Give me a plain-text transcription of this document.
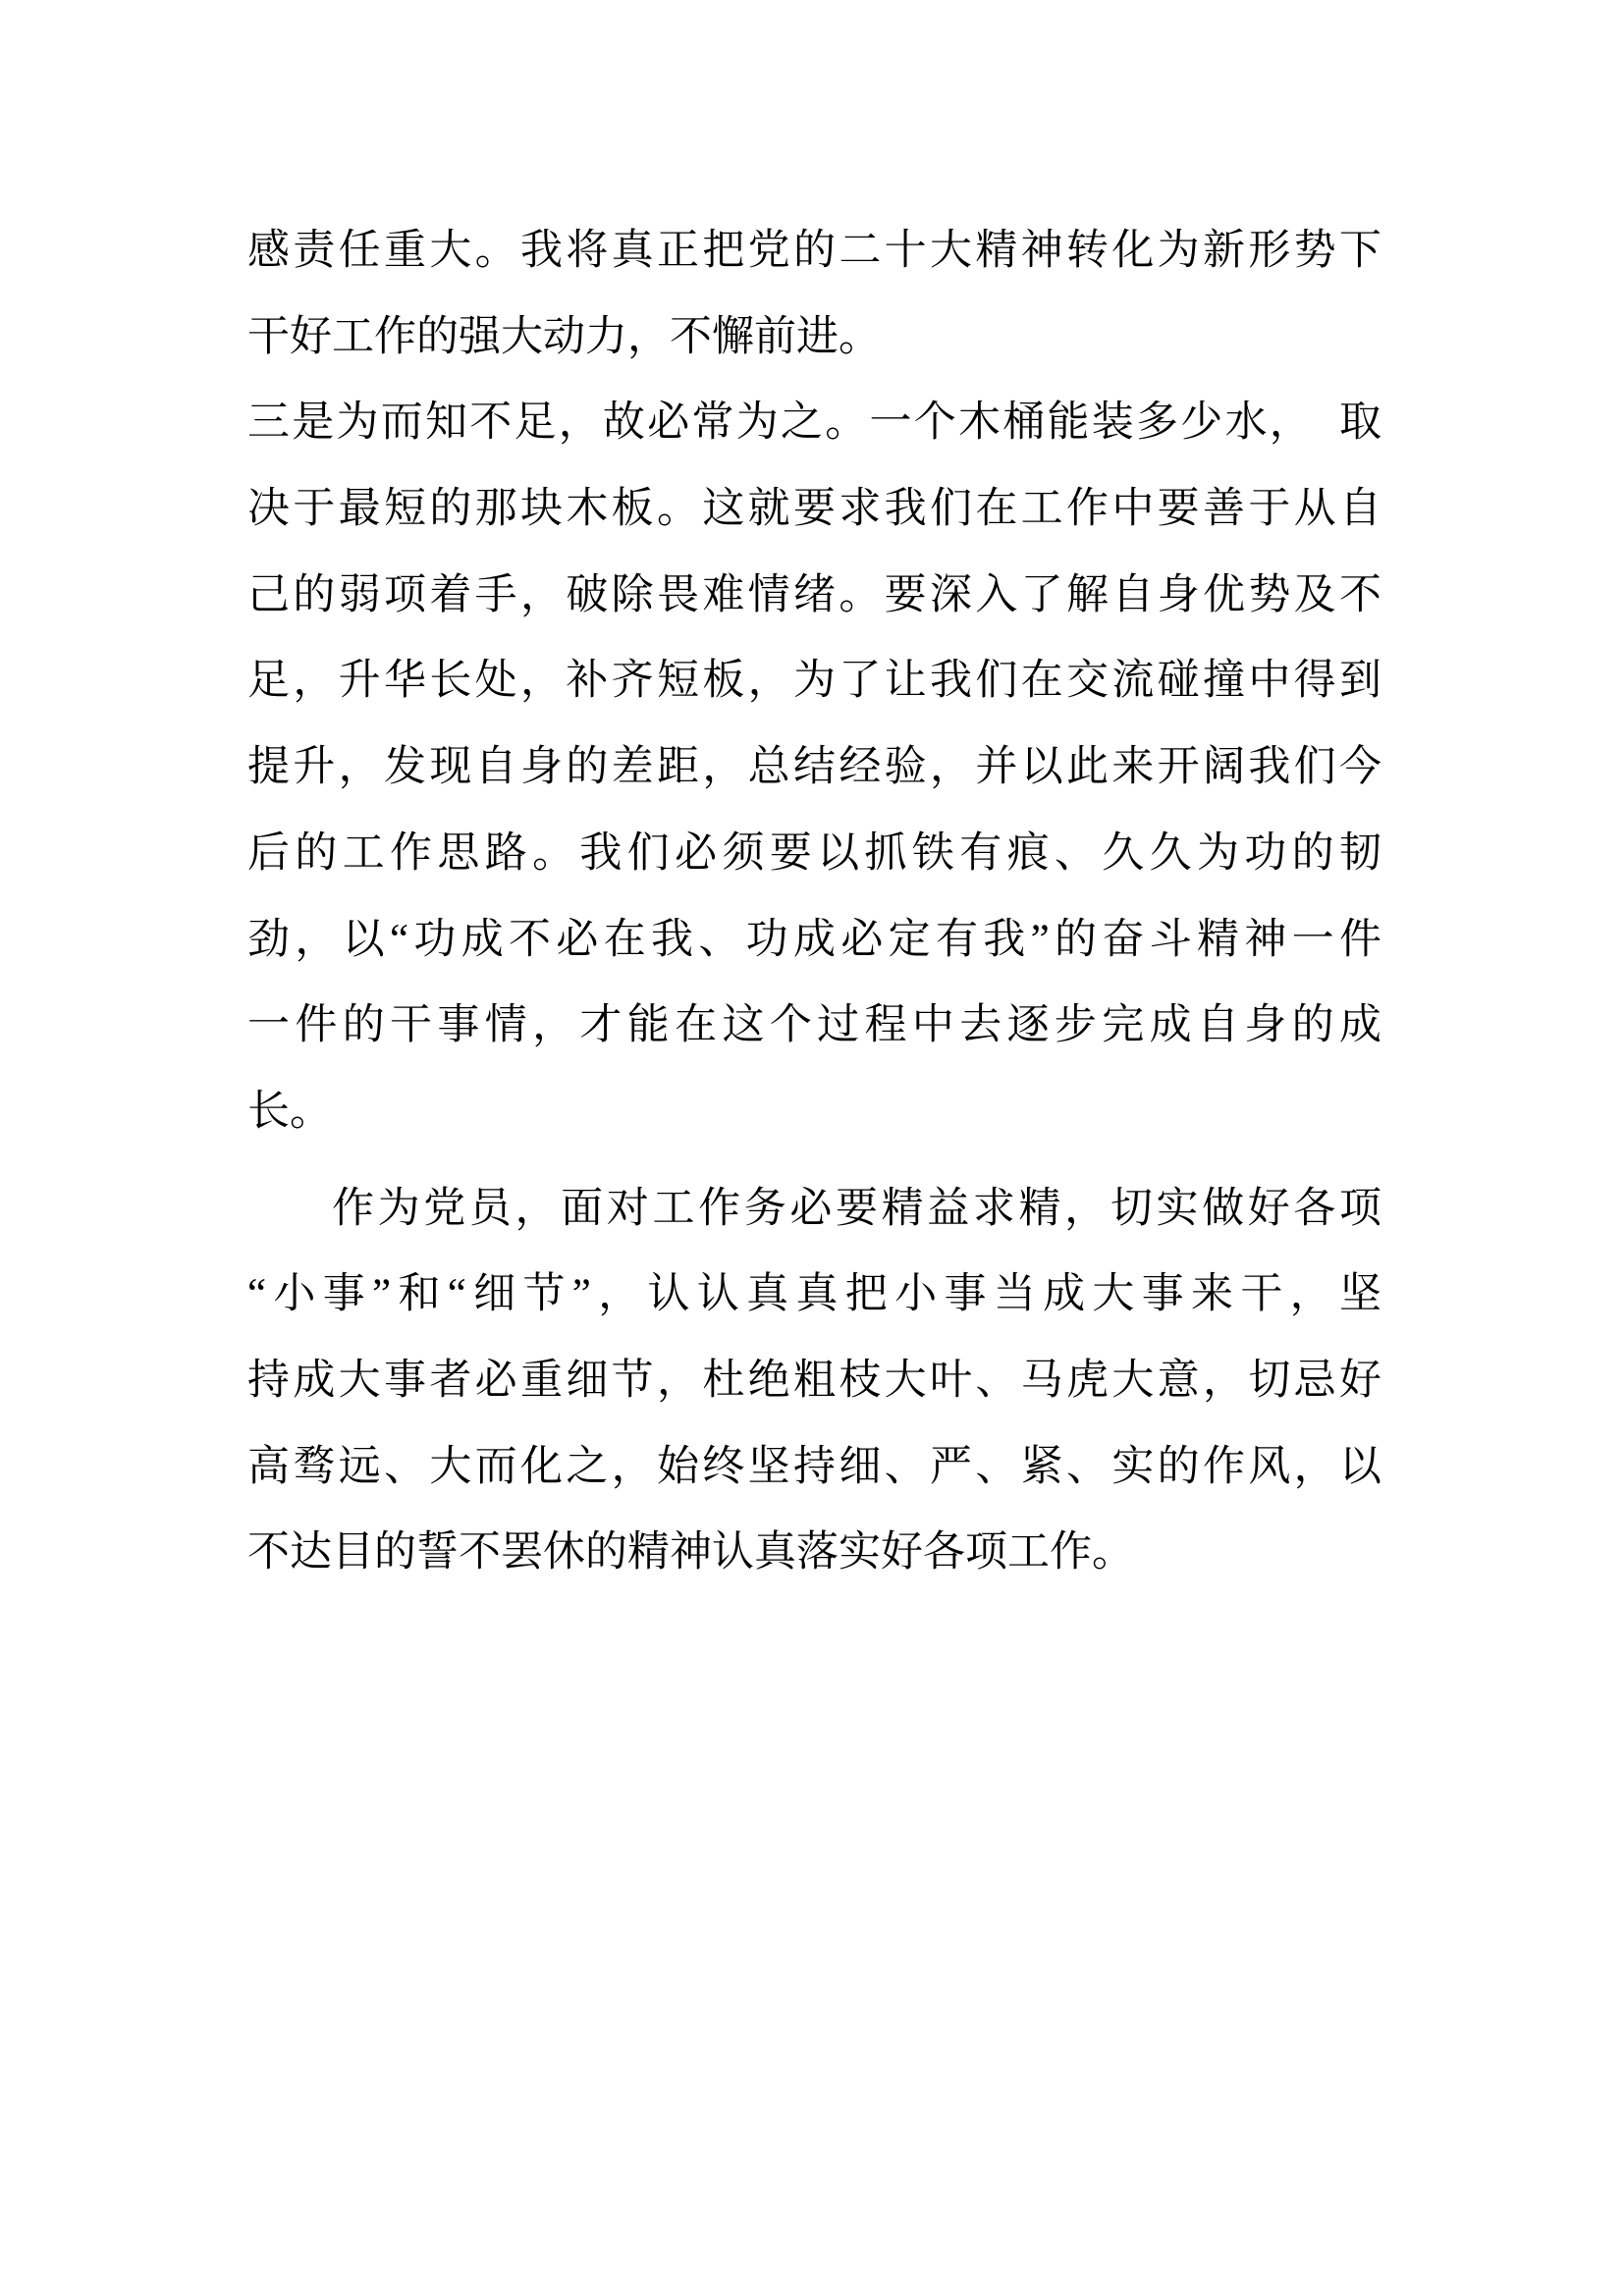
感责任重大。我将真正把党的二十大精神转化为新形势下
干好工作的强大动力，不懈前进。
三是为而知不足，故必常为之。一个木桶能装多少水，  取
决于最短的那块木板。这就要求我们在工作中要善于从自
己的弱项着手，破除畏难情绪。要深入了解自身优势及不
足，升华长处，补齐短板，为了让我们在交流碰撞中得到
提升，发现自身的差距，总结经验，并以此来开阔我们今
后的工作思路。我们必须要以抓铁有痕、久久为功的韧
劲，以“功成不必在我、功成必定有我”的奋斗精神一件
一件的干事情，才能在这个过程中去逐步完成自身的成
长。
作为党员，面对工作务必要精益求精，切实做好各项
“小事”和“细节”，认认真真把小事当成大事来干，坚
持成大事者必重细节，杜绝粗枝大叶、马虎大意，切忌好
高骛远、大而化之，始终坚持细、严、紧、实的作风，以
不达目的誓不罢休的精神认真落实好各项工作。
